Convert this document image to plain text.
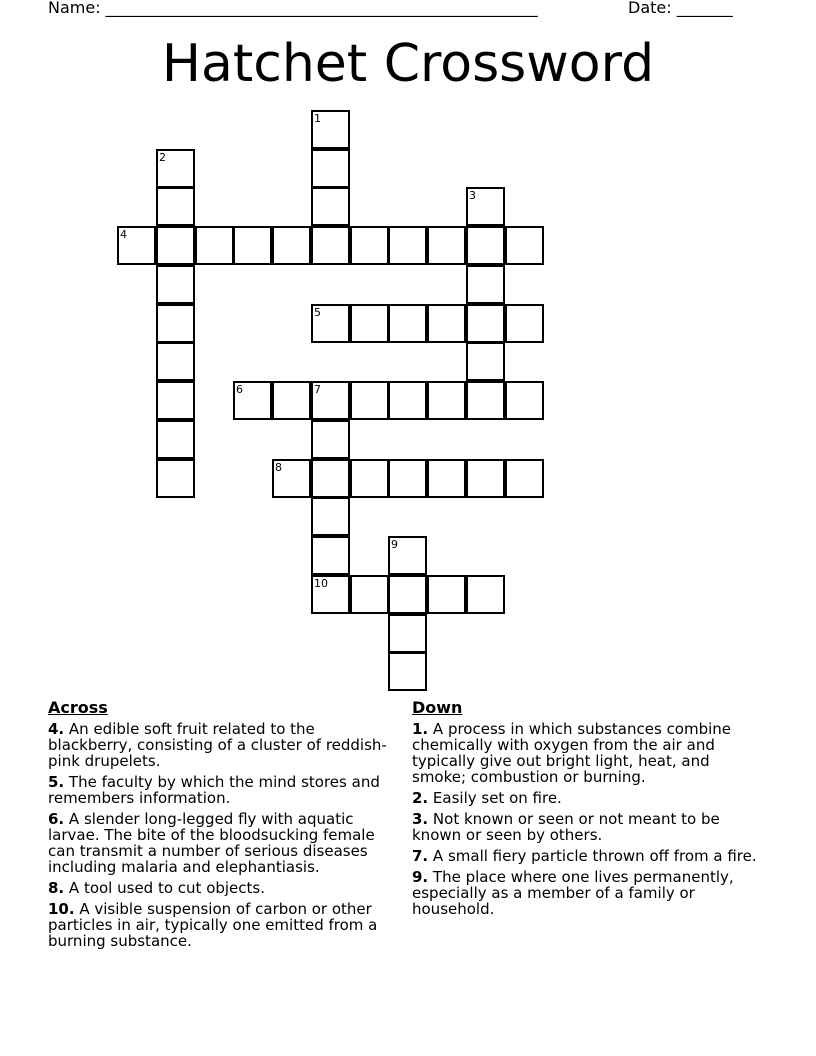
Name: ______________________________________________________	Date: _______
Hatchet Crossword
1
2
3
4
5
6	7
8
9
10
Across

4. An edible soft fruit related to the blackberry, consisting of a cluster of reddish-pink drupelets.

5. The faculty by which the mind stores and remembers information.

6. A slender long-legged fly with aquatic larvae. The bite of the bloodsucking female can transmit a number of serious diseases including malaria and elephantiasis.

8. A tool used to cut objects.

10. A visible suspension of carbon or other particles in air, typically one emitted from a burning substance.

Down

1. A process in which substances combine chemically with oxygen from the air and typically give out bright light, heat, and smoke; combustion or burning.

2. Easily set on fire.

3. Not known or seen or not meant to be known or seen by others.

7. A small fiery particle thrown off from a fire.

9. The place where one lives permanently, especially as a member of a family or household.
